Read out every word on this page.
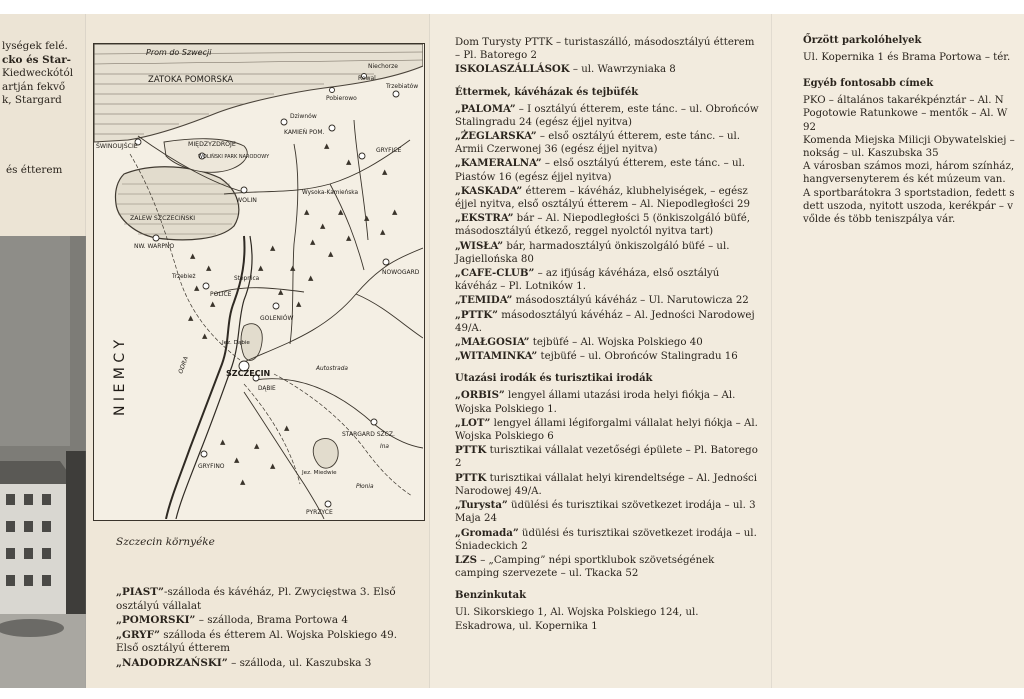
lységek felé.
cko és Star-
Kiedweckótól
artján fekvő
k, Stargard
és étterem
▲
▲
▲
▲
▲
▲
▲
▲
▲
▲
▲
▲
▲
▲
▲
▲
▲
▲
▲
▲
▲
▲
▲
▲
▲
▲
▲
▲
▲
▲
Prom do Szwecji
ZATOKA POMORSKA
Niechorze
Rewal
Pobierowo
Trzebiatów
Dziwnów
ŚWINOUJŚCIE	MIĘDZYZDROJE
WOLIŃSKI PARK NARODOWY
KAMIEŃ POM.
GRYFICE
WOLIN
Wysoka-Kamieńska
ZALEW SZCZECIŃSKI
NW. WARPNO
Trzebież
POLICE
GOLENIÓW
NOWOGARD
Stepnica
Jez. Dąbie
SZCZECIN
DĄBIE
GRYFINO
STARGARD SZCZ.
PYRZYCE
Płonia
Jez. Miedwie
Ina
Autostrada
ODRA
N I E M C Y
Szczecin környéke
„PIAST”-szálloda és kávéház, Pl. Zwycięstwa 3. Első osztályú vállalat
„POMORSKI” – szálloda, Brama Portowa 4
„GRYF” szálloda és étterem Al. Wojska Polskiego 49. Első osztályú étterem
„NADODRZAŃSKI” – szálloda, ul. Kaszubska 3
Dom Turysty PTTK – turistaszálló, másodosztályú étterem – Pl. Batorego 2
ISKOLASZÁLLÁSOK – ul. Wawrzyniaka 8
Éttermek, kávéházak és tejbüfék
„PALOMA” – I osztályú étterem, este tánc. – ul. Obrońców Stalingradu 24 (egész éjjel nyitva)
„ŻEGLARSKA” – első osztályú étterem, este tánc. – ul. Armii Czerwonej 36 (egész éjjel nyitva)
„KAMERALNA” – első osztályú étterem, este tánc. – ul. Piastów 16 (egész éjjel nyitva)
„KASKADA” étterem – kávéház, klubhelyiségek, – egész éjjel nyitva, első osztályú étterem – Al. Niepodległości 29
„EKSTRA” bár – Al. Niepodległości 5 (önkiszolgáló büfé, másodosztályú étkező, reggel nyolctól nyitva tart)
„WISŁA” bár, harmadosztályú önkiszolgáló büfé – ul. Jagiellońska 80
„CAFE-CLUB” – az ifjúság kávéháza, első osztályú kávéház – Pl. Lotników 1.
„TEMIDA” másodosztályú kávéház – Ul. Narutowicza 22
„PTTK” másodosztályú kávéház – Al. Jedności Narodowej 49/A.
„MAŁGOSIA” tejbüfé – Al. Wojska Polskiego 40
„WITAMINKA” tejbüfé – ul. Obrońców Stalingradu 16
Utazási irodák és turisztikai irodák
„ORBIS” lengyel állami utazási iroda helyi fiókja – Al. Wojska Polskiego 1.
„LOT” lengyel állami légiforgalmi vállalat helyi fiókja – Al. Wojska Polskiego 6
PTTK turisztikai vállalat vezetőségi épülete – Pl. Batorego 2
PTTK turisztikai vállalat helyi kirendeltsége – Al. Jedności Narodowej 49/A.
„Turysta” üdülési és turisztikai szövetkezet irodája – ul. 3 Maja 24
„Gromada” üdülési és turisztikai szövetkezet irodája – ul. Śniadeckich 2
LZS – „Camping” népi sportklubok szövetségének camping szervezete – ul. Tkacka 52
Benzinkutak
Ul. Sikorskiego 1, Al. Wojska Polskiego 124, ul. Eskadrowa, ul. Kopernika 1
Őrzött parkolóhelyek
Ul. Kopernika 1 és Brama Portowa – tér.
Egyéb fontosabb címek
PKO – általános takarékpénztár – Al. N
Pogotowie Ratunkowe – mentők – Al. W
92
Komenda Miejska Milicji Obywatelskiej –
nokság – ul. Kaszubska 35
A városban számos mozi, három színház,
hangversenyterem és két múzeum van.
A sportbarátokra 3 sportstadion, fedett s
dett uszoda, nyitott uszoda, kerékpár – v
vőlde és több teniszpálya vár.
